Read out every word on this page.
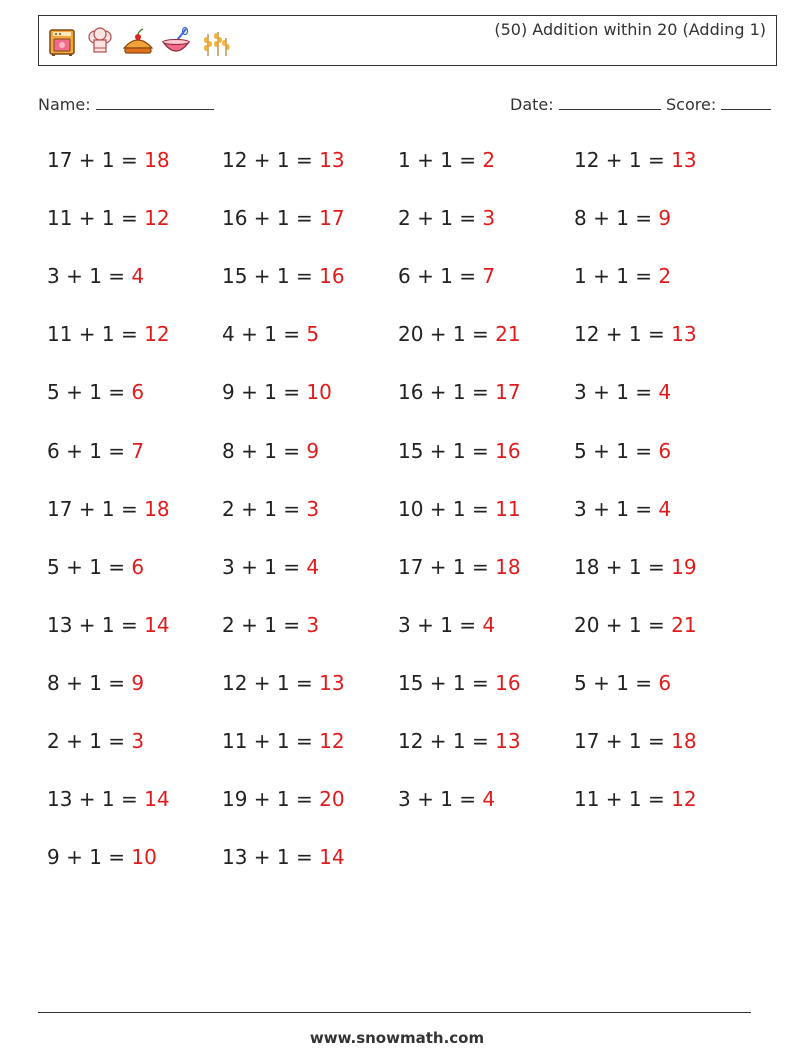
(50) Addition within 20 (Adding 1)
Name:	Date:	Score:
17 + 1 = 18	12 + 1 = 13	1 + 1 = 2	12 + 1 = 13
11 + 1 = 12	16 + 1 = 17	2 + 1 = 3	8 + 1 = 9
3 + 1 = 4	15 + 1 = 16	6 + 1 = 7	1 + 1 = 2
11 + 1 = 12	4 + 1 = 5	20 + 1 = 21	12 + 1 = 13
5 + 1 = 6	9 + 1 = 10	16 + 1 = 17	3 + 1 = 4
6 + 1 = 7	8 + 1 = 9	15 + 1 = 16	5 + 1 = 6
17 + 1 = 18	2 + 1 = 3	10 + 1 = 11	3 + 1 = 4
5 + 1 = 6	3 + 1 = 4	17 + 1 = 18	18 + 1 = 19
13 + 1 = 14	2 + 1 = 3	3 + 1 = 4	20 + 1 = 21
8 + 1 = 9	12 + 1 = 13	15 + 1 = 16	5 + 1 = 6
2 + 1 = 3	11 + 1 = 12	12 + 1 = 13	17 + 1 = 18
13 + 1 = 14	19 + 1 = 20	3 + 1 = 4	11 + 1 = 12
9 + 1 = 10	13 + 1 = 14
www.snowmath.com
